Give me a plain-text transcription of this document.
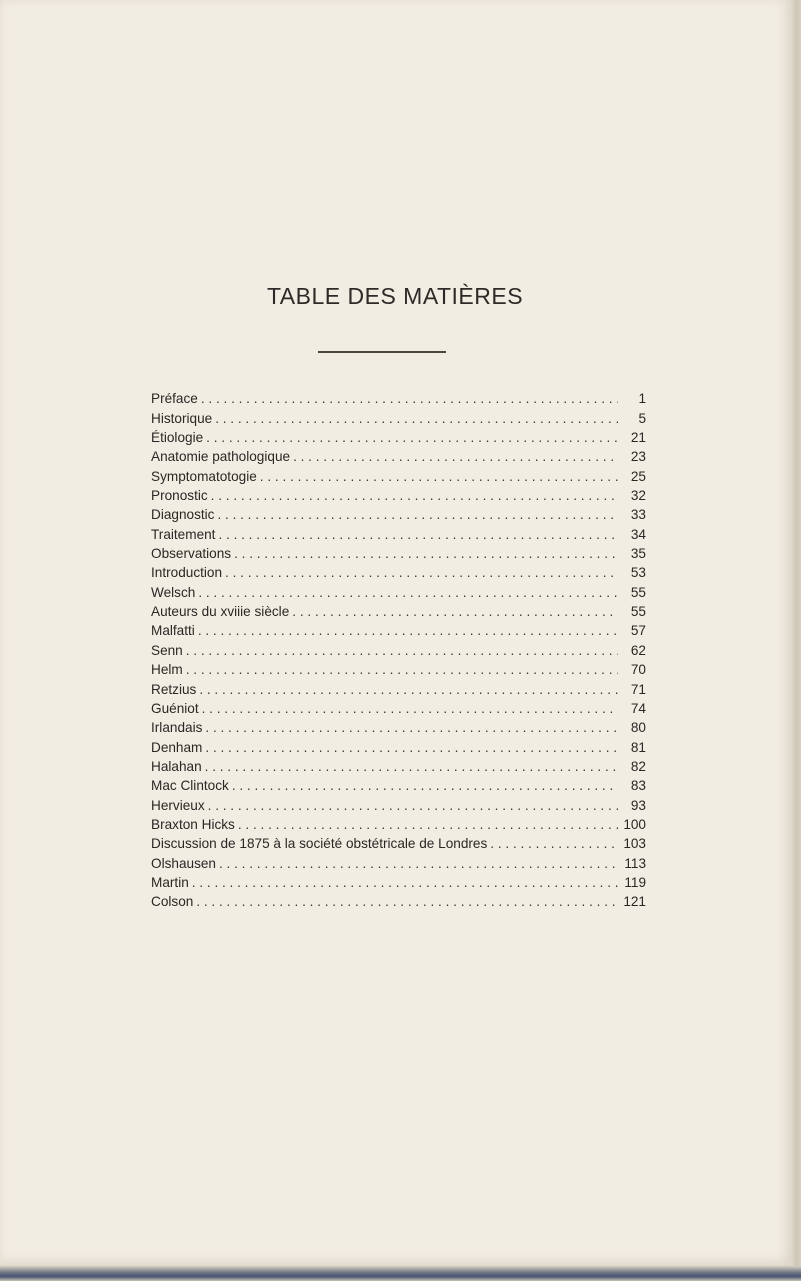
TABLE DES MATIÈRES
Préface . . .	1
Historique . . .	5
Étiologie . . .	21
Anatomie pathologique . . .	23
Symptomatotogie . . .	25
Pronostic . . .	32
Diagnostic . . .	33
Traitement . . .	34
Observations . . .	35
Introduction . . .	53
Welsch . . .	55
Auteurs du xviiie siècle . . .	55
Malfatti . . .	57
Senn . . .	62
Helm . . .	70
Retzius . . .	71
Guéniot . . .	74
Irlandais . . .	80
Denham . . .	81
Halahan . . .	82
Mac Clintock . . .	83
Hervieux . . .	93
Braxton Hicks . . .	100
Discussion de 1875 à la société obstétricale de Londres . . .	103
Olshausen . . .	113
Martin . . .	119
Colson . . .	121
